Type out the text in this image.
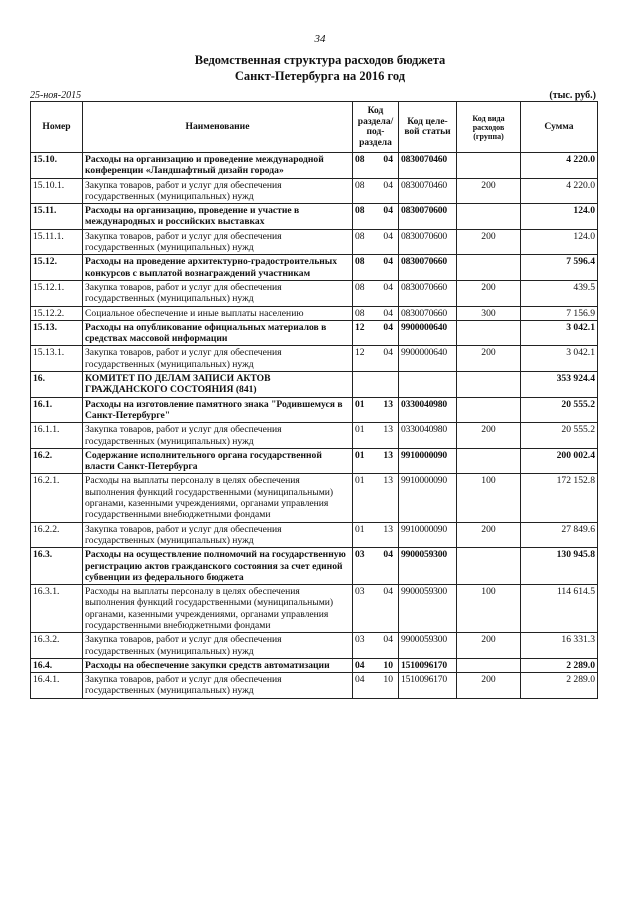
34
Ведомственная структура расходов бюджета
Санкт-Петербурга на 2016 год
25-ноя-2015	(тыс. руб.)
Номер	Наименование	Код раздела/ под-раздела	Код целе-вой статьи	Код вида расходов (группа)	Сумма
15.10.	Расходы на организацию и проведение международной конференции «Ландшафтный дизайн города»	08 04	0830070460		4 220.0
15.10.1.	Закупка товаров, работ и услуг для обеспечения государственных (муниципальных) нужд	08 04	0830070460	200	4 220.0
15.11.	Расходы на организацию, проведение и участие в международных и российских выставках	08 04	0830070600		124.0
15.11.1.	Закупка товаров, работ и услуг для обеспечения государственных (муниципальных) нужд	08 04	0830070600	200	124.0
15.12.	Расходы на проведение архитектурно-градостроительных конкурсов с выплатой вознаграждений участникам	08 04	0830070660		7 596.4
15.12.1.	Закупка товаров, работ и услуг для обеспечения государственных (муниципальных) нужд	08 04	0830070660	200	439.5
15.12.2.	Социальное обеспечение и иные выплаты населению	08 04	0830070660	300	7 156.9
15.13.	Расходы на опубликование официальных материалов в средствах массовой информации	12 04	9900000640		3 042.1
15.13.1.	Закупка товаров, работ и услуг для обеспечения государственных (муниципальных) нужд	12 04	9900000640	200	3 042.1
16.	КОМИТЕТ ПО ДЕЛАМ ЗАПИСИ АКТОВ ГРАЖДАНСКОГО СОСТОЯНИЯ (841)				353 924.4
16.1.	Расходы на изготовление памятного знака "Родившемуся в Санкт-Петербурге"	01 13	0330040980		20 555.2
16.1.1.	Закупка товаров, работ и услуг для обеспечения государственных (муниципальных) нужд	01 13	0330040980	200	20 555.2
16.2.	Содержание исполнительного органа государственной власти Санкт-Петербурга	01 13	9910000090		200 002.4
16.2.1.	Расходы на выплаты персоналу в целях обеспечения выполнения функций государственными (муниципальными) органами, казенными учреждениями, органами управления государственными внебюджетными фондами	01 13	9910000090	100	172 152.8
16.2.2.	Закупка товаров, работ и услуг для обеспечения государственных (муниципальных) нужд	01 13	9910000090	200	27 849.6
16.3.	Расходы на осуществление полномочий на государственную регистрацию актов гражданского состояния за счет единой субвенции из федерального бюджета	03 04	9900059300		130 945.8
16.3.1.	Расходы на выплаты персоналу в целях обеспечения выполнения функций государственными (муниципальными) органами, казенными учреждениями, органами управления государственными внебюджетными фондами	03 04	9900059300	100	114 614.5
16.3.2.	Закупка товаров, работ и услуг для обеспечения государственных (муниципальных) нужд	03 04	9900059300	200	16 331.3
16.4.	Расходы на обеспечение закупки средств автоматизации	04 10	1510096170		2 289.0
16.4.1.	Закупка товаров, работ и услуг для обеспечения государственных (муниципальных) нужд	04 10	1510096170	200	2 289.0
